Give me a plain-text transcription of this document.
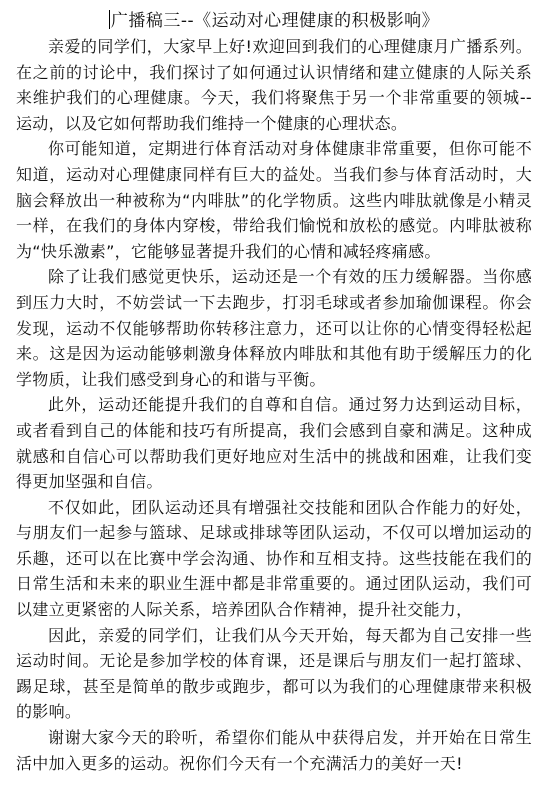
广播稿三--《运动对心理健康的积极影响》

亲爱的同学们，大家早上好!欢迎回到我们的心理健康月广播系列。在之前的讨论中，我们探讨了如何通过认识情绪和建立健康的人际关系来维护我们的心理健康。今天，我们将聚焦于另一个非常重要的领城--运动，以及它如何帮助我们维持一个健康的心理状态。

你可能知道，定期进行体育活动对身体健康非常重要，但你可能不知道，运动对心理健康同样有巨大的益处。当我们参与体育活动时，大脑会释放出一种被称为“内啡肽”的化学物质。这些内啡肽就像是小精灵一样，在我们的身体内穿梭，带给我们愉悦和放松的感觉。内啡肽被称为“快乐激素”，它能够显著提升我们的心情和减轻疼痛感。

除了让我们感觉更快乐，运动还是一个有效的压力缓解器。当你感到压力大时，不妨尝试一下去跑步，打羽毛球或者参加瑜伽课程。你会发现，运动不仅能够帮助你转移注意力，还可以让你的心情变得轻松起来。这是因为运动能够刺激身体释放内啡肽和其他有助于缓解压力的化学物质，让我们感受到身心的和谐与平衡。

此外，运动还能提升我们的自尊和自信。通过努力达到运动目标，或者看到自己的体能和技巧有所提高，我们会感到自豪和满足。这种成就感和自信心可以帮助我们更好地应对生活中的挑战和困难，让我们变得更加坚强和自信。

不仅如此，团队运动还具有增强社交技能和团队合作能力的好处，与朋友们一起参与篮球、足球或排球等团队运动，不仅可以增加运动的乐趣，还可以在比赛中学会沟通、协作和互相支持。这些技能在我们的日常生活和未来的职业生涯中都是非常重要的。通过团队运动，我们可以建立更紧密的人际关系，培养团队合作精神，提升社交能力，

因此，亲爱的同学们，让我们从今天开始，每天都为自己安排一些运动时间。无论是参加学校的体育课，还是课后与朋友们一起打篮球、踢足球，甚至是简单的散步或跑步，都可以为我们的心理健康带来积极的影响。

谢谢大家今天的聆听，希望你们能从中获得启发，并开始在日常生活中加入更多的运动。祝你们今天有一个充满活力的美好一天!
